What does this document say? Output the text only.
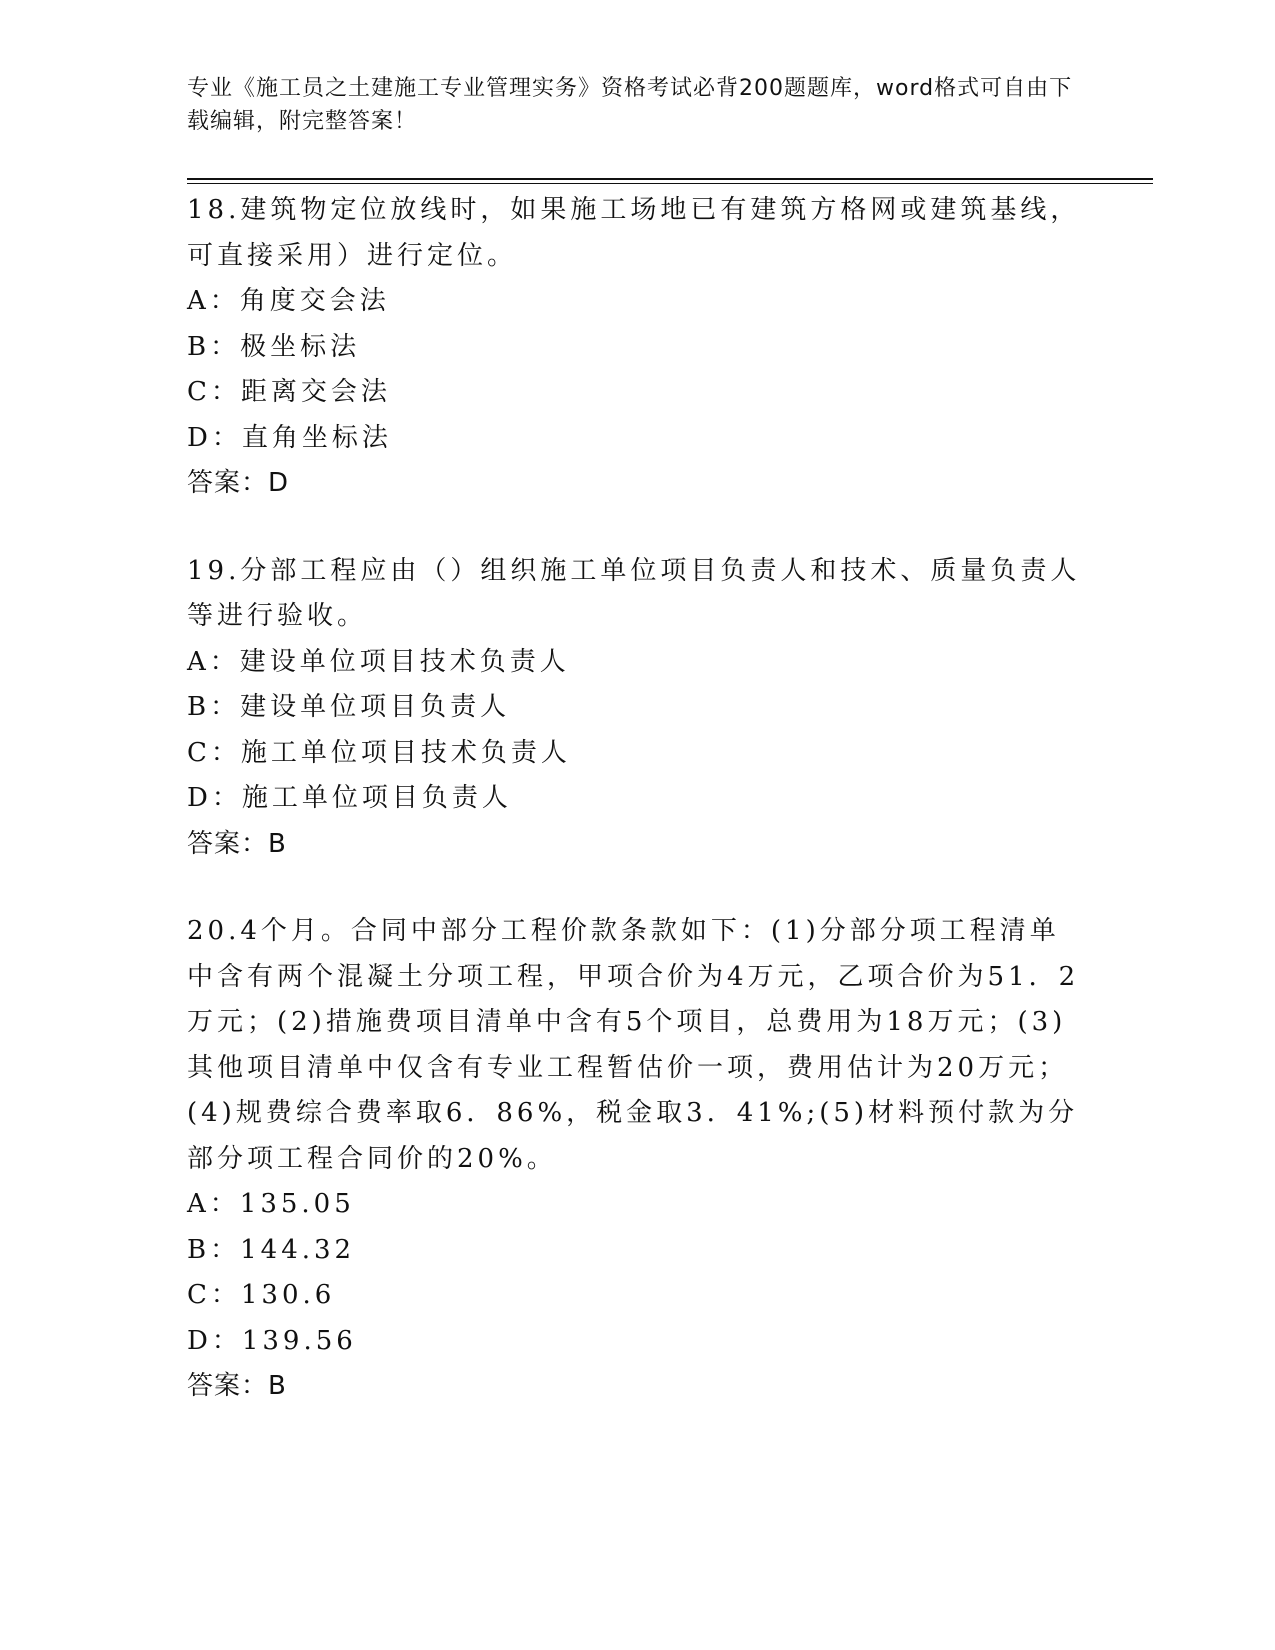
专业《施工员之土建施工专业管理实务》资格考试必背200题题库，word格式可自由下载编辑，附完整答案！

18.建筑物定位放线时，如果施工场地已有建筑方格网或建筑基线，可直接采用）进行定位。

A：角度交会法

B：极坐标法

C：距离交会法

D：直角坐标法

答案：D

19.分部工程应由（）组织施工单位项目负责人和技术、质量负责人等进行验收。

A：建设单位项目技术负责人

B：建设单位项目负责人

C：施工单位项目技术负责人

D：施工单位项目负责人

答案：B

20.4个月。合同中部分工程价款条款如下：(1)分部分项工程清单中含有两个混凝土分项工程，甲项合价为4万元，乙项合价为51．2万元；(2)措施费项目清单中含有5个项目，总费用为18万元；(3)其他项目清单中仅含有专业工程暂估价一项，费用估计为20万元；(4)规费综合费率取6．86%，税金取3．41%;(5)材料预付款为分部分项工程合同价的20%。

A：135.05

B：144.32

C：130.6

D：139.56

答案：B
